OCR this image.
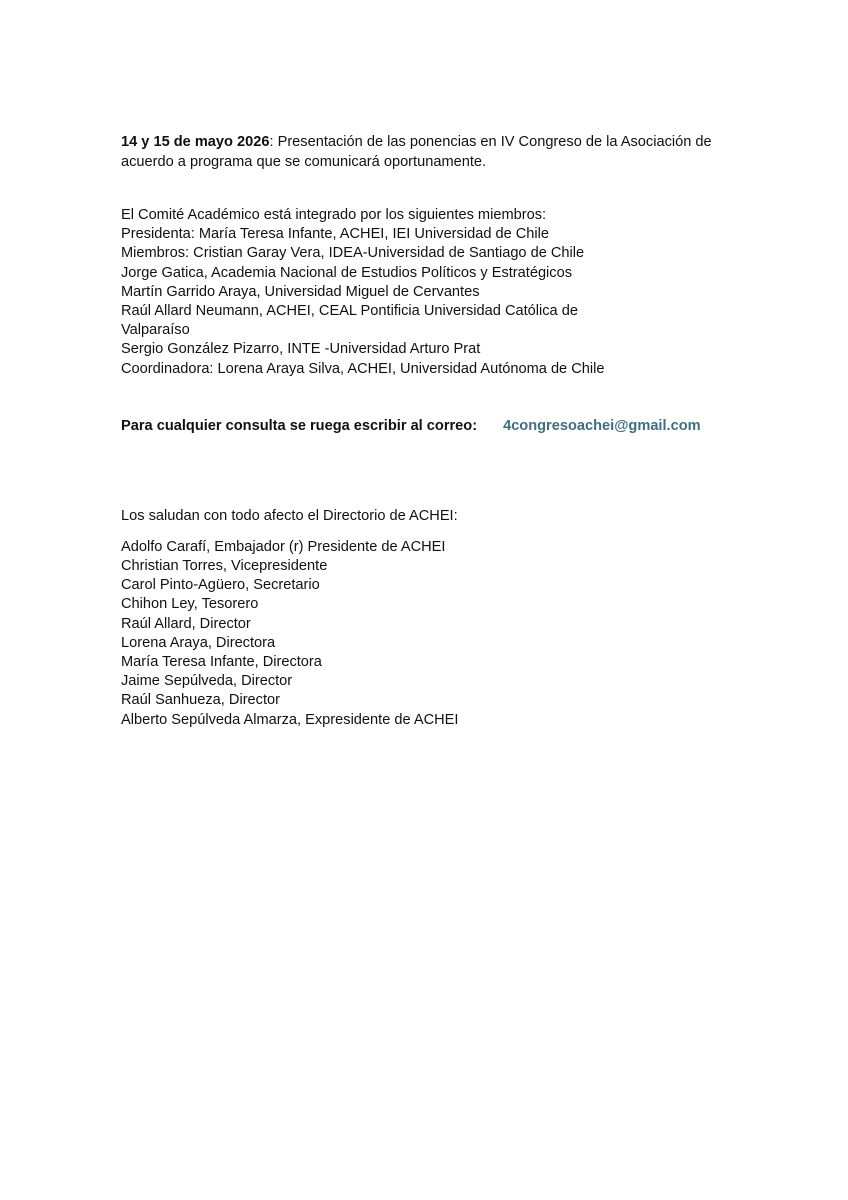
14 y 15 de mayo 2026: Presentación de las ponencias en IV Congreso de la Asociación de acuerdo a programa que se comunicará oportunamente.

El Comité Académico está integrado por los siguientes miembros:
Presidenta: María Teresa Infante, ACHEI, IEI Universidad de Chile
Miembros: Cristian Garay Vera, IDEA-Universidad de Santiago de Chile
Jorge Gatica, Academia Nacional de Estudios Políticos y Estratégicos
Martín Garrido Araya, Universidad Miguel de Cervantes
Raúl Allard Neumann, ACHEI, CEAL Pontificia Universidad Católica de
Valparaíso
Sergio González Pizarro, INTE -Universidad Arturo Prat
Coordinadora: Lorena Araya Silva, ACHEI, Universidad Autónoma de Chile
Para cualquier consulta se ruega escribir al correo: 4congresoachei@gmail.com
Los saludan con todo afecto el Directorio de ACHEI:
Adolfo Carafí, Embajador (r) Presidente de ACHEI
Christian Torres, Vicepresidente
Carol Pinto-Agüero, Secretario
Chihon Ley, Tesorero
Raúl Allard, Director
Lorena Araya, Directora
María Teresa Infante, Directora
Jaime Sepúlveda, Director
Raúl Sanhueza, Director
Alberto Sepúlveda Almarza, Expresidente de ACHEI
